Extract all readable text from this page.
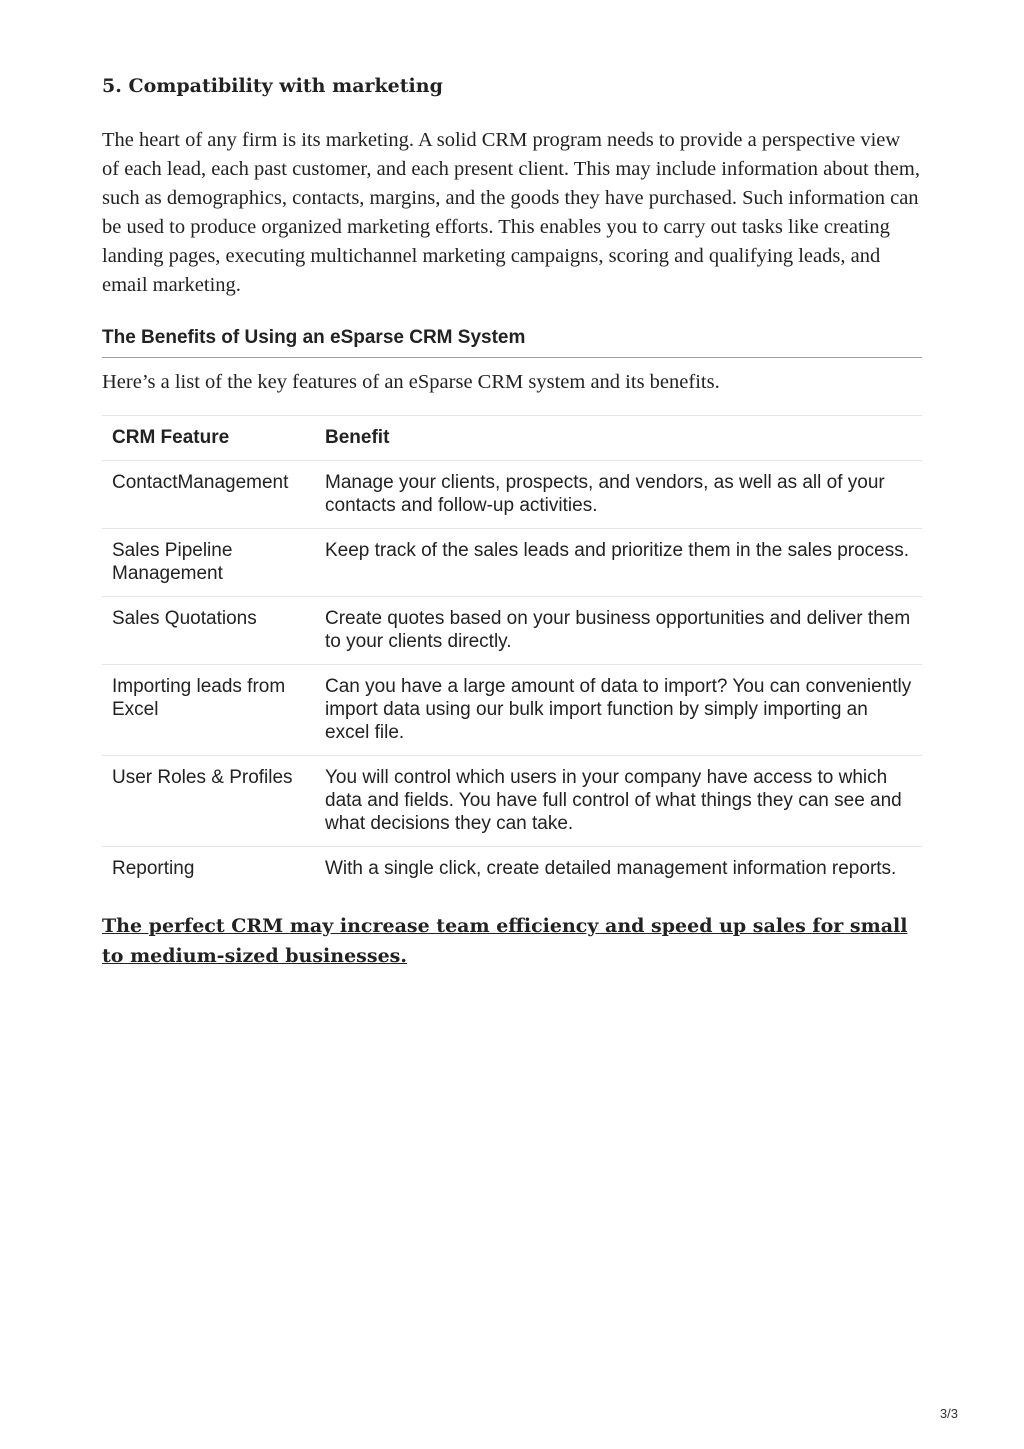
5. Compatibility with marketing

The heart of any firm is its marketing. A solid CRM program needs to provide a perspective view of each lead, each past customer, and each present client. This may include information about them, such as demographics, contacts, margins, and the goods they have purchased. Such information can be used to produce organized marketing efforts. This enables you to carry out tasks like creating landing pages, executing multichannel marketing campaigns, scoring and qualifying leads, and email marketing.

The Benefits of Using an eSparse CRM System

Here’s a list of the key features of an eSparse CRM system and its benefits.

CRM Feature	Benefit
ContactManagement	Manage your clients, prospects, and vendors, as well as all of your contacts and follow-up activities.
Sales Pipeline Management	Keep track of the sales leads and prioritize them in the sales process.
Sales Quotations	Create quotes based on your business opportunities and deliver them to your clients directly.
Importing leads from Excel	Can you have a large amount of data to import? You can conveniently import data using our bulk import function by simply importing an excel file.
User Roles & Profiles	You will control which users in your company have access to which data and fields. You have full control of what things they can see and what decisions they can take.
Reporting	With a single click, create detailed management information reports.

The perfect CRM may increase team efficiency and speed up sales for small to medium-sized businesses.

3/3
